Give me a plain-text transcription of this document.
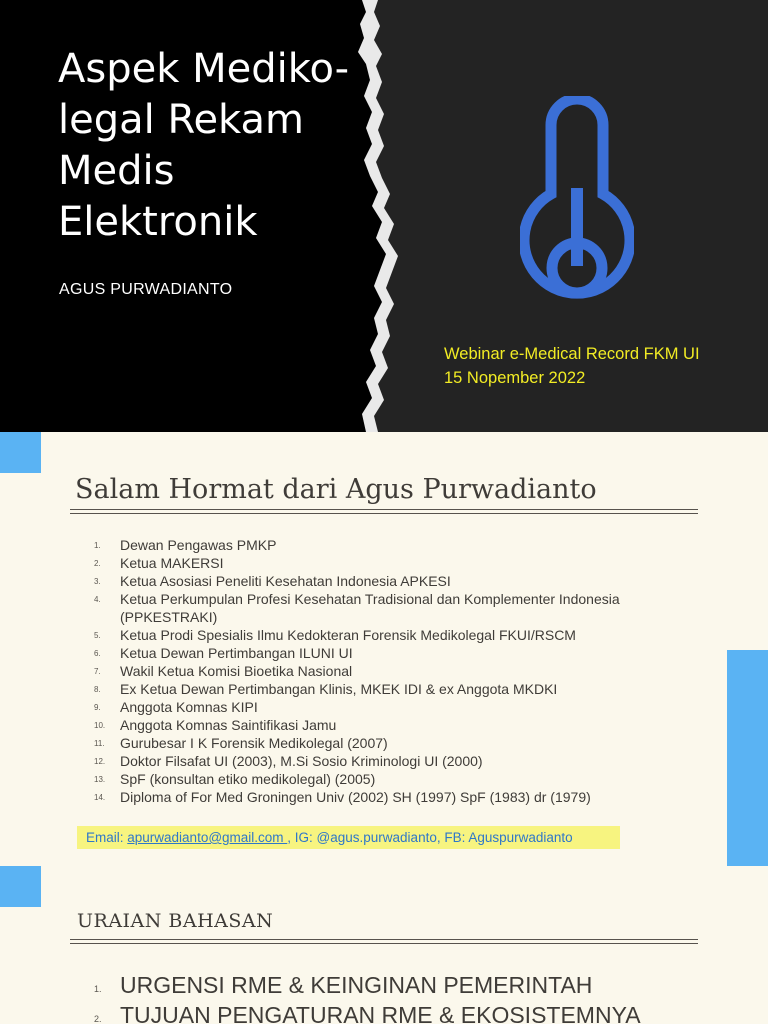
Aspek Mediko-legal Rekam Medis Elektronik

AGUS PURWADIANTO

Webinar e-Medical Record FKM UI
15 Nopember 2022
Salam Hormat dari Agus Purwadianto
1. Dewan Pengawas PMKP
2. Ketua MAKERSI
3. Ketua Asosiasi Peneliti Kesehatan Indonesia APKESI
4. Ketua Perkumpulan Profesi Kesehatan Tradisional dan Komplementer Indonesia (PPKESTRAKI)
5. Ketua Prodi Spesialis Ilmu Kedokteran Forensik Medikolegal FKUI/RSCM
6. Ketua Dewan Pertimbangan ILUNI UI
7. Wakil Ketua Komisi Bioetika Nasional
8. Ex Ketua Dewan Pertimbangan Klinis, MKEK IDI & ex Anggota MKDKI
9. Anggota Komnas KIPI
10. Anggota Komnas Saintifikasi Jamu
11. Gurubesar I K Forensik Medikolegal (2007)
12. Doktor Filsafat UI (2003), M.Si Sosio Kriminologi UI (2000)
13. SpF (konsultan etiko medikolegal) (2005)
14. Diploma of For Med Groningen Univ (2002) SH (1997) SpF (1983) dr (1979)
Email: apurwadianto@gmail.com , IG: @agus.purwadianto, FB: Aguspurwadianto
URAIAN BAHASAN
1. URGENSI RME & KEINGINAN PEMERINTAH
2. TUJUAN PENGATURAN RME & EKOSISTEMNYA
